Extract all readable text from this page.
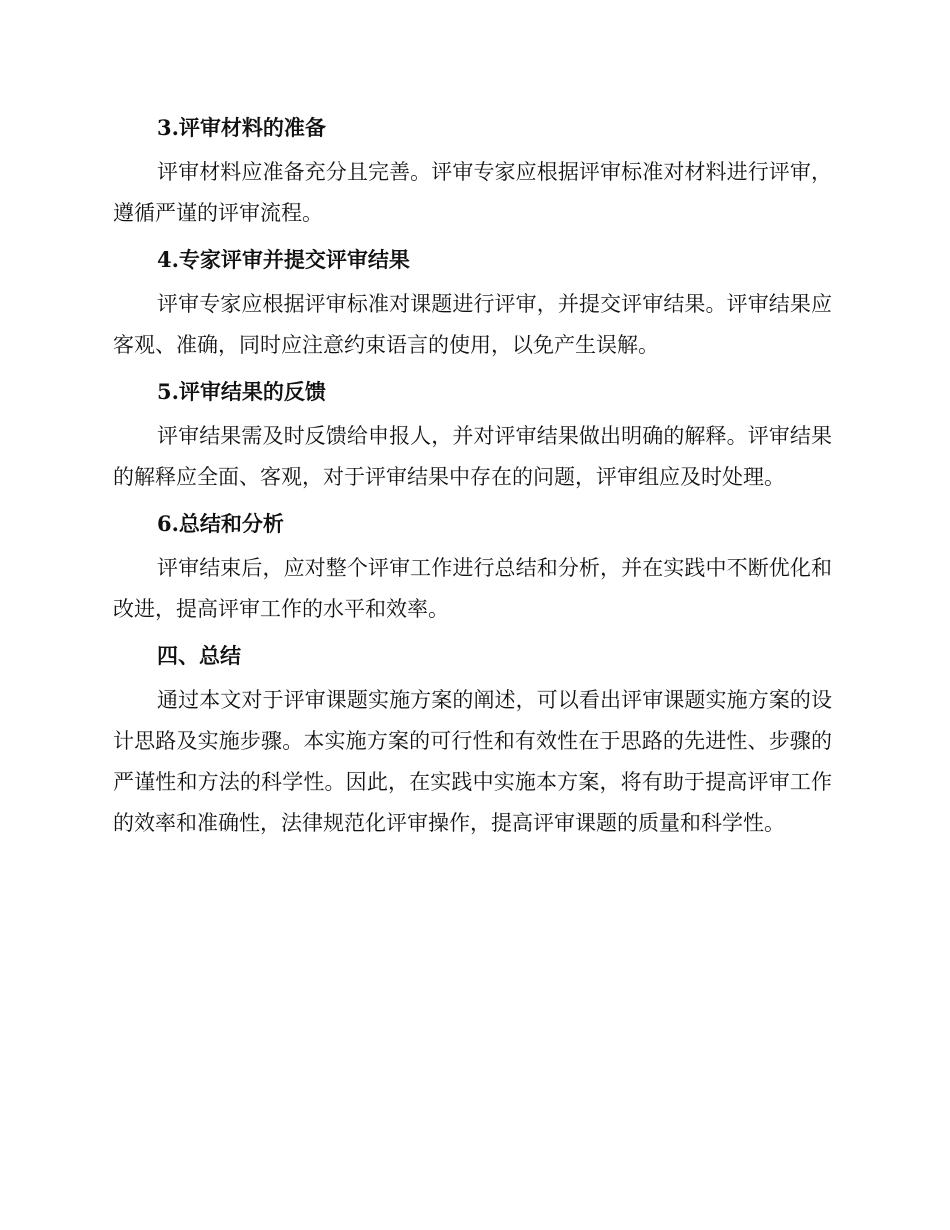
3.评审材料的准备

评审材料应准备充分且完善。评审专家应根据评审标准对材料进行评审，遵循严谨的评审流程。

4.专家评审并提交评审结果

评审专家应根据评审标准对课题进行评审，并提交评审结果。评审结果应客观、准确，同时应注意约束语言的使用，以免产生误解。

5.评审结果的反馈

评审结果需及时反馈给申报人，并对评审结果做出明确的解释。评审结果的解释应全面、客观，对于评审结果中存在的问题，评审组应及时处理。

6.总结和分析

评审结束后，应对整个评审工作进行总结和分析，并在实践中不断优化和改进，提高评审工作的水平和效率。

四、总结

通过本文对于评审课题实施方案的阐述，可以看出评审课题实施方案的设计思路及实施步骤。本实施方案的可行性和有效性在于思路的先进性、步骤的严谨性和方法的科学性。因此，在实践中实施本方案，将有助于提高评审工作的效率和准确性，法律规范化评审操作，提高评审课题的质量和科学性。
